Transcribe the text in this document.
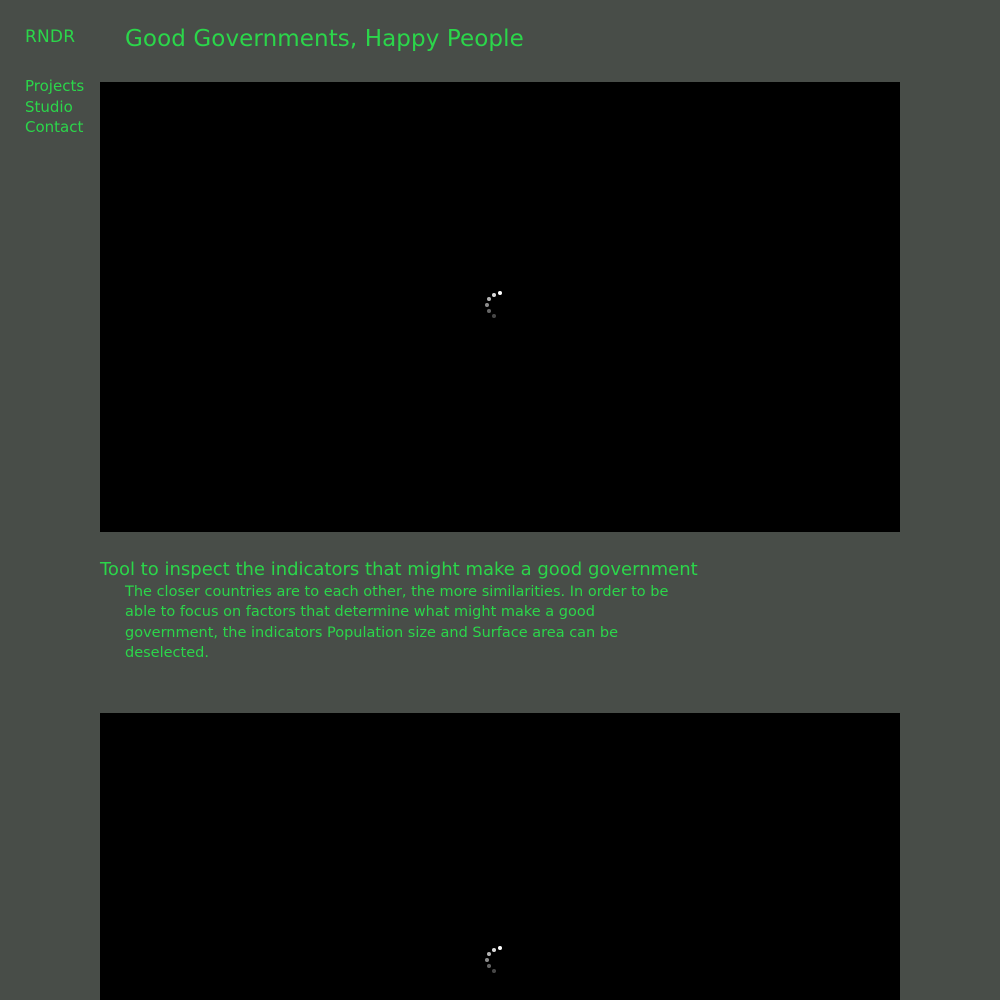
RNDR
Projects
Studio
Contact
Good Governments, Happy People
Tool to inspect the indicators that might make a good government

The closer countries are to each other, the more similarities. In order to be able to focus on factors that determine what might make a good government, the indicators Population size and Surface area can be deselected.
